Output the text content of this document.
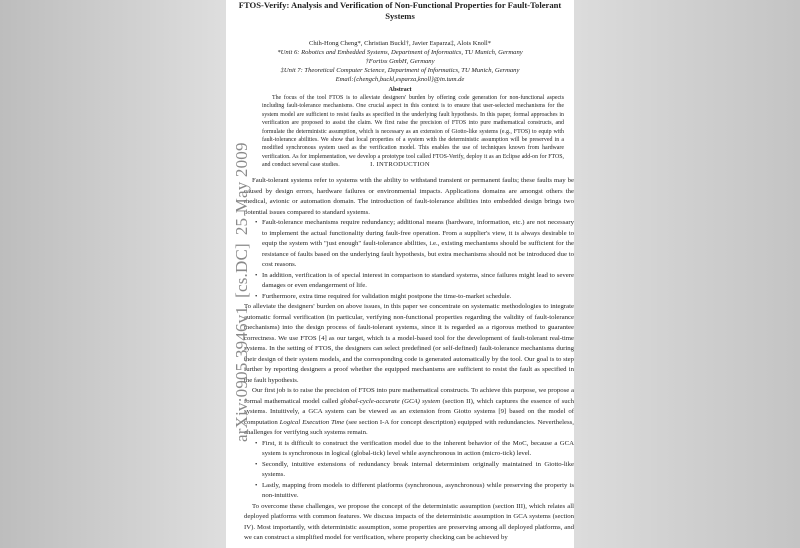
arXiv:0905.3946v1[cs.DC]25 May 2009
FTOS-Verify: Analysis and Verification of Non-Functional Properties for Fault-Tolerant Systems
Chih-Hong Cheng*, Christian Buckl†, Javier Esparza‡, Alois Knoll*
*Unit 6: Robotics and Embedded Systems, Department of Informatics, TU Munich, Germany
†Fortiss GmbH, Germany
‡Unit 7: Theoretical Computer Science, Department of Informatics, TU Munich, Germany
Email:{chengch,buckl,esparza,knoll}@in.tum.de
Abstract

The focus of the tool FTOS is to alleviate designers' burden by offering code generation for non-functional aspects including fault-tolerance mechanisms. One crucial aspect in this context is to ensure that user-selected mechanisms for the system model are sufficient to resist faults as specified in the underlying fault hypothesis. In this paper, formal approaches in verification are proposed to assist the claim. We first raise the precision of FTOS into pure mathematical constructs, and formulate the deterministic assumption, which is necessary as an extension of Giotto-like systems (e.g., FTOS) to equip with fault-tolerance abilities. We show that local properties of a system with the deterministic assumption will be preserved in a modified synchronous system used as the verification model. This enables the use of techniques known from hardware verification. As for implementation, we develop a prototype tool called FTOS-Verify, deploy it as an Eclipse add-on for FTOS, and conduct several case studies.	I. INTRODUCTION

Fault-tolerant systems refer to systems with the ability to withstand transient or permanent faults; these faults may be caused by design errors, hardware failures or environmental impacts. Applications domains are amongst others the medical, avionic or automation domain. The introduction of fault-tolerance abilities into embedded design brings two potential issues compared to standard systems.

• Fault-tolerance mechanisms require redundancy; additional means (hardware, information, etc.) are not necessary to implement the actual functionality during fault-free operation. From a supplier's view, it is always desirable to equip the system with "just enough" fault-tolerance abilities, i.e., existing mechanisms should be sufficient for the resistance of faults based on the underlying fault hypothesis, but extra mechanisms should not be introduced due to cost reasons.
• In addition, verification is of special interest in comparison to standard systems, since failures might lead to severe damages or even endangerment of life.
• Furthermore, extra time required for validation might postpone the time-to-market schedule.

To alleviate the designers' burden on above issues, in this paper we concentrate on systematic methodologies to integrate automatic formal verification (in particular, verifying non-functional properties regarding the validity of fault-tolerance mechanisms) into the design process of fault-tolerant systems, since it is regarded as a rigorous method to guarantee correctness. We use FTOS [4] as our target, which is a model-based tool for the development of fault-tolerant real-time systems. In the setting of FTOS, the designers can select predefined (or self-defined) fault-tolerance mechanisms during their design of their system models, and the corresponding code is generated automatically by the tool. Our goal is to step further by reporting designers a proof whether the equipped mechanisms are sufficient to resist the fault as specified in the fault hypothesis.

Our first job is to raise the precision of FTOS into pure mathematical constructs. To achieve this purpose, we propose a formal mathematical model called global-cycle-accurate (GCA) system (section II), which captures the essence of such systems. Intuitively, a GCA system can be viewed as an extension from Giotto systems [9] based on the model of computation Logical Execution Time (see section I-A for concept description) equipped with redundancies. Nevertheless, challenges for verifying such systems remain.

• First, it is difficult to construct the verification model due to the inherent behavior of the MoC, because a GCA system is synchronous in logical (global-tick) level while asynchronous in action (micro-tick) level.
• Secondly, intuitive extensions of redundancy break internal determinism originally maintained in Giotto-like systems.
• Lastly, mapping from models to different platforms (synchronous, asynchronous) while preserving the property is non-intuitive.

To overcome these challenges, we propose the concept of the deterministic assumption (section III), which relates all deployed platforms with common features. We discuss impacts of the deterministic assumption in GCA systems (section IV). Most importantly, with deterministic assumption, some properties are preserving among all deployed platforms, and we can construct a simplified model for verification, where property checking can be achieved by
